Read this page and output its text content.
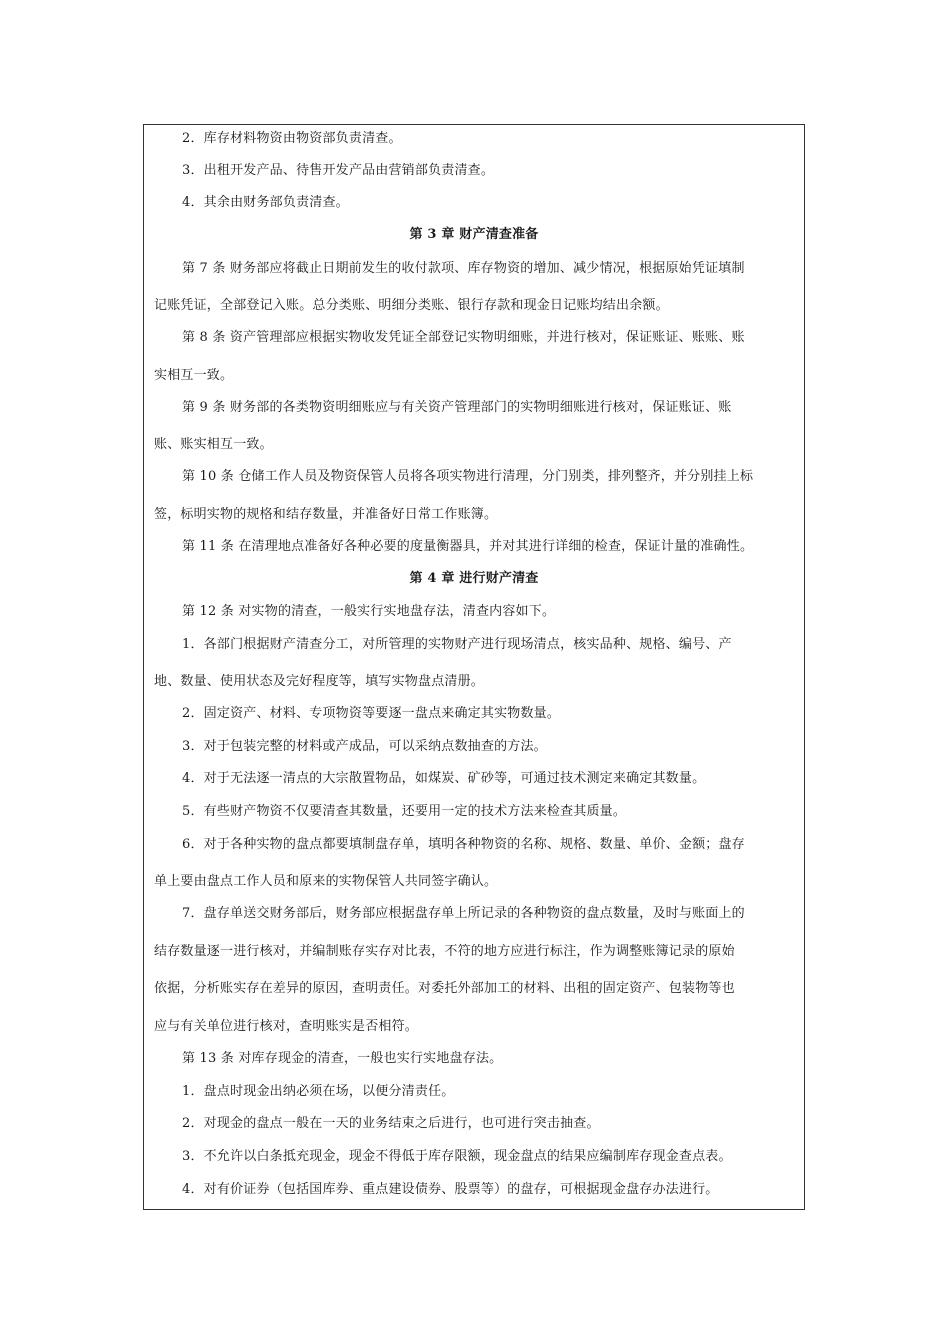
2．库存材料物资由物资部负责清查。
3．出租开发产品、待售开发产品由营销部负责清查。
4．其余由财务部负责清查。
第 3 章 财产清查准备
第 7 条 财务部应将截止日期前发生的收付款项、库存物资的增加、减少情况，根据原始凭证填制
记账凭证，全部登记入账。总分类账、明细分类账、银行存款和现金日记账均结出余额。
第 8 条 资产管理部应根据实物收发凭证全部登记实物明细账，并进行核对，保证账证、账账、账
实相互一致。
第 9 条 财务部的各类物资明细账应与有关资产管理部门的实物明细账进行核对，保证账证、账
账、账实相互一致。
第 10 条 仓储工作人员及物资保管人员将各项实物进行清理，分门别类，排列整齐，并分别挂上标
签，标明实物的规格和结存数量，并准备好日常工作账簿。
第 11 条 在清理地点准备好各种必要的度量衡器具，并对其进行详细的检查，保证计量的准确性。
第 4 章 进行财产清查
第 12 条 对实物的清查，一般实行实地盘存法，清查内容如下。
1．各部门根据财产清查分工，对所管理的实物财产进行现场清点，核实品种、规格、编号、产
地、数量、使用状态及完好程度等，填写实物盘点清册。
2．固定资产、材料、专项物资等要逐一盘点来确定其实物数量。
3．对于包装完整的材料或产成品，可以采纳点数抽查的方法。
4．对于无法逐一清点的大宗散置物品，如煤炭、矿砂等，可通过技术测定来确定其数量。
5．有些财产物资不仅要清查其数量，还要用一定的技术方法来检查其质量。
6．对于各种实物的盘点都要填制盘存单，填明各种物资的名称、规格、数量、单价、金额；盘存
单上要由盘点工作人员和原来的实物保管人共同签字确认。
7．盘存单送交财务部后，财务部应根据盘存单上所记录的各种物资的盘点数量，及时与账面上的
结存数量逐一进行核对，并编制账存实存对比表，不符的地方应进行标注，作为调整账簿记录的原始
依据，分析账实存在差异的原因，查明责任。对委托外部加工的材料、出租的固定资产、包装物等也
应与有关单位进行核对，查明账实是否相符。
第 13 条 对库存现金的清查，一般也实行实地盘存法。
1．盘点时现金出纳必须在场，以便分清责任。
2．对现金的盘点一般在一天的业务结束之后进行，也可进行突击抽查。
3．不允许以白条抵充现金，现金不得低于库存限额，现金盘点的结果应编制库存现金查点表。
4．对有价证券（包括国库券、重点建设债券、股票等）的盘存，可根据现金盘存办法进行。
